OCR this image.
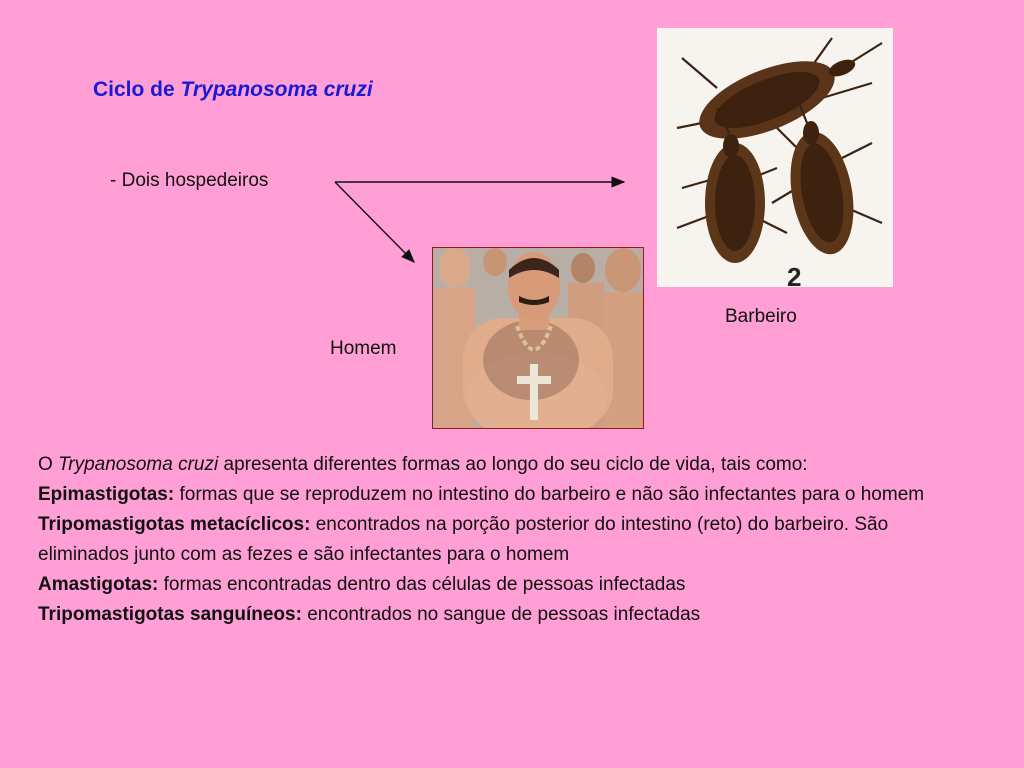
Ciclo de Trypanosoma cruzi
- Dois hospedeiros
2
Homem
Barbeiro

O Trypanosoma cruzi apresenta diferentes formas ao longo do seu ciclo de vida, tais como:

Epimastigotas: formas que se reproduzem no intestino do barbeiro e não são infectantes para o homem

Tripomastigotas metacíclicos: encontrados na porção posterior do intestino (reto) do barbeiro. São eliminados junto com as fezes e são infectantes para o homem

Amastigotas: formas encontradas dentro das células de pessoas infectadas

Tripomastigotas sanguíneos: encontrados no sangue de pessoas infectadas
